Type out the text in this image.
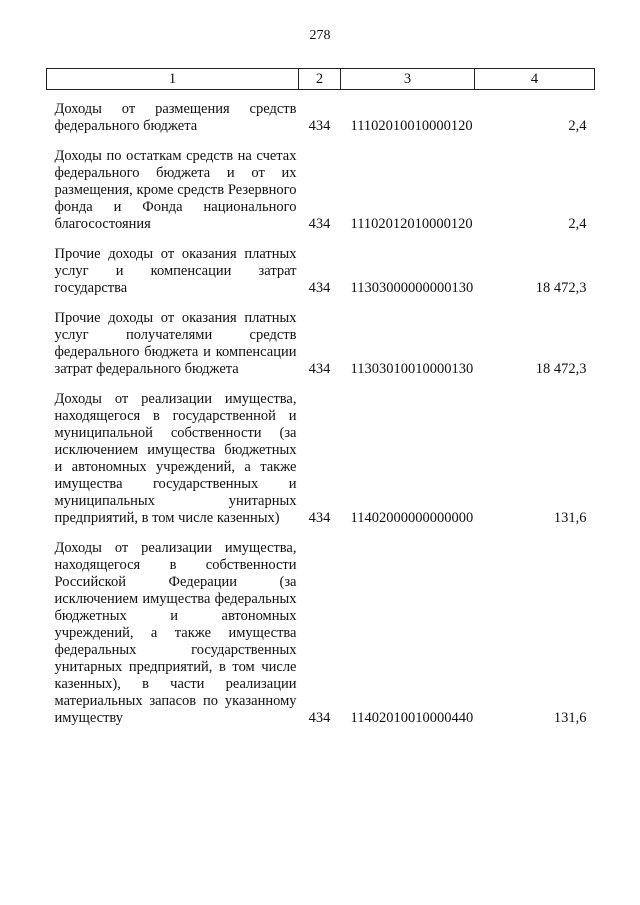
278
1	2	3	4
Доходы от размещения средств федерального бюджета	434	11102010010000120	2,4
Доходы по остаткам средств на счетах федерального бюджета и от их размещения, кроме средств Резервного фонда и Фонда национального благосостояния	434	11102012010000120	2,4
Прочие доходы от оказания платных услуг и компенсации затрат государства	434	11303000000000130	18 472,3
Прочие доходы от оказания платных услуг получателями средств федерального бюджета и компенсации затрат федерального бюджета	434	11303010010000130	18 472,3
Доходы от реализации имущества, находящегося в государственной и муниципальной собственности (за исключением имущества бюджетных и автономных учреждений, а также имущества государственных и муниципальных унитарных предприятий, в том числе казенных)	434	11402000000000000	131,6
Доходы от реализации имущества, находящегося в собственности Российской Федерации (за исключением имущества федеральных бюджетных и автономных учреждений, а также имущества федеральных государственных унитарных предприятий, в том числе казенных), в части реализации материальных запасов по указанному имуществу	434	11402010010000440	131,6
